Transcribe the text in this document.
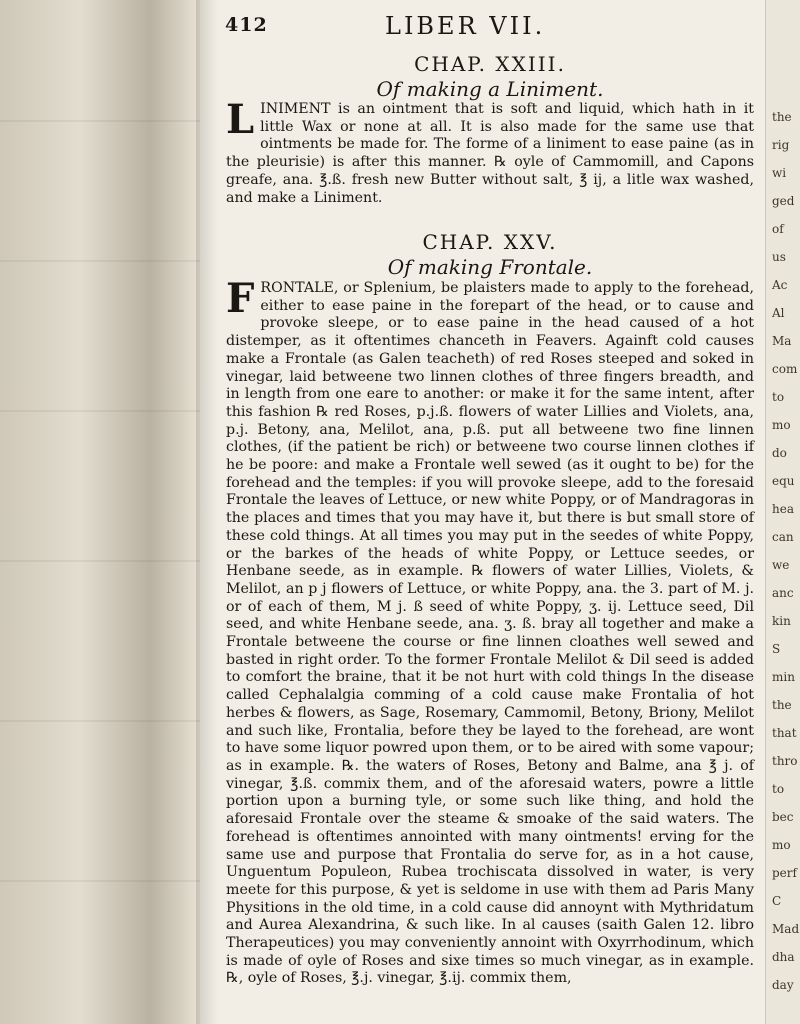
the
rig
wi
ged
of
us
Ac
Al
Ma
com
to
mo
do
equ
hea
can
we
anc
kin
S
min
the
that
thro
to
bec
mo
perf
C
Mad
dha
day
412	LIBER VII.
CHAP. XXIII.
Of making a Liniment.

LINIMENT is an ointment that is soft and liquid, which hath in it little Wax or none at all. It is also made for the same use that ointments be made for. The forme of a liniment to ease paine (as in the pleurisie) is after this manner. ℞ oyle of Cammomill, and Capons greafe, ana. ℥.ß. fresh new Butter without salt, ℥ ij, a litle wax washed, and make a Liniment.

CHAP. XXV.
Of making Frontale.

FRONTALE, or Splenium, be plaisters made to apply to the forehead, either to ease paine in the forepart of the head, or to cause and provoke sleepe, or to ease paine in the head caused of a hot distemper, as it oftentimes chanceth in Feavers. Againft cold causes make a Frontale (as Galen teacheth) of red Roses steeped and soked in vinegar, laid betweene two linnen clothes of three fingers breadth, and in length from one eare to another: or make it for the same intent, after this fashion ℞ red Roses, p.j.ß. flowers of water Lillies and Violets, ana, p.j. Betony, ana, Melilot, ana, p.ß. put all betweene two fine linnen clothes, (if the patient be rich) or betweene two course linnen clothes if he be poore: and make a Frontale well sewed (as it ought to be) for the forehead and the temples: if you will provoke sleepe, add to the foresaid Frontale the leaves of Lettuce, or new white Poppy, or of Mandragoras in the places and times that you may have it, but there is but small store of these cold things. At all times you may put in the seedes of white Poppy, or the barkes of the heads of white Poppy, or Lettuce seedes, or Henbane seede, as in example. ℞ flowers of water Lillies, Violets, & Melilot, an p j flowers of Lettuce, or white Poppy, ana. the 3. part of M. j. or of each of them, M j. ß seed of white Poppy, ʒ. ij. Lettuce seed, Dil seed, and white Henbane seede, ana. ʒ. ß. bray all together and make a Frontale betweene the course or fine linnen cloathes well sewed and basted in right order. To the former Frontale Melilot & Dil seed is added to comfort the braine, that it be not hurt with cold things In the disease called Cephalalgia comming of a cold cause make Frontalia of hot herbes & flowers, as Sage, Rosemary, Cammomil, Betony, Briony, Melilot and such like, Frontalia, before they be layed to the forehead, are wont to have some liquor powred upon them, or to be aired with some vapour; as in example. ℞. the waters of Roses, Betony and Balme, ana ℥ j. of vinegar, ℥.ß. commix them, and of the aforesaid waters, powre a little portion upon a burning tyle, or some such like thing, and hold the aforesaid Frontale over the steame & smoake of the said waters. The forehead is oftentimes annointed with many ointments! erving for the same use and purpose that Frontalia do serve for, as in a hot cause, Unguentum Populeon, Rubea trochiscata dissolved in water, is very meete for this purpose, & yet is seldome in use with them ad Paris Many Physitions in the old time, in a cold cause did annoynt with Mythridatum and Aurea Alexandrina, & such like. In al causes (saith Galen 12. libro Therapeutices) you may conveniently annoint with Oxyrrhodinum, which is made of oyle of Roses and sixe times so much vinegar, as in example. ℞, oyle of Roses, ℥.j. vinegar, ℥.ij. commix them,
